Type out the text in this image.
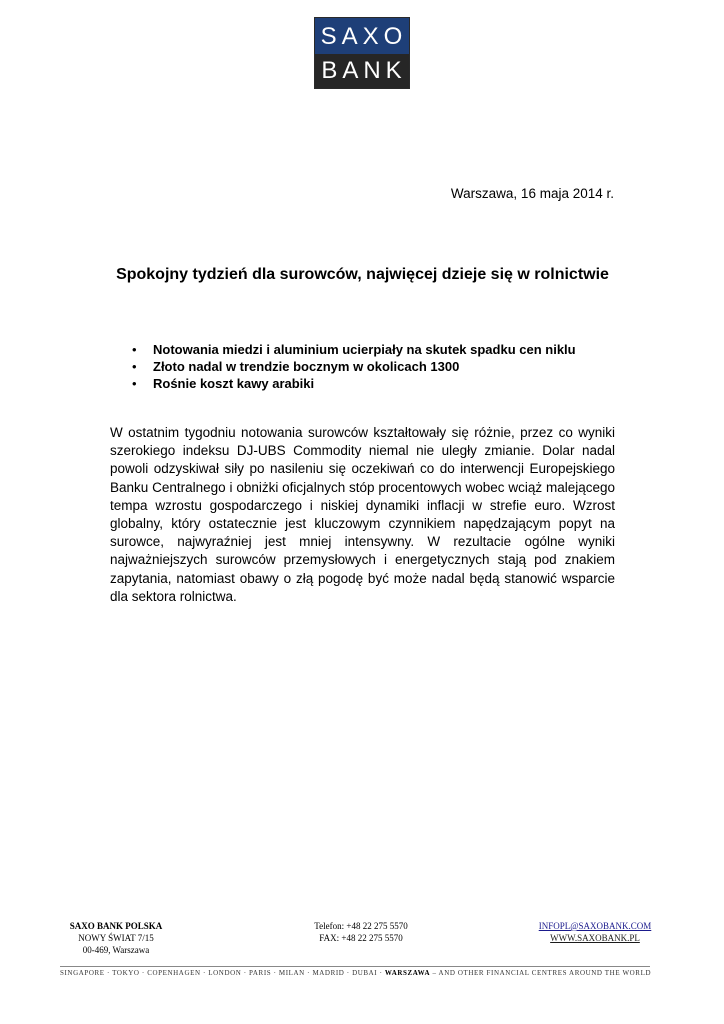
SAXO
BANK
Warszawa, 16 maja 2014 r.
Spokojny tydzień dla surowców, najwięcej dzieje się w rolnictwie
• Notowania miedzi i aluminium ucierpiały na skutek spadku cen niklu
• Złoto nadal w trendzie bocznym w okolicach 1300
• Rośnie koszt kawy arabiki
W ostatnim tygodniu notowania surowców kształtowały się różnie, przez co wyniki szerokiego indeksu DJ-UBS Commodity niemal nie uległy zmianie. Dolar nadal powoli odzyskiwał siły po nasileniu się oczekiwań co do interwencji Europejskiego Banku Centralnego i obniżki oficjalnych stóp procentowych wobec wciąż malejącego tempa wzrostu gospodarczego i niskiej dynamiki inflacji w strefie euro. Wzrost globalny, który ostatecznie jest kluczowym czynnikiem napędzającym popyt na surowce, najwyraźniej jest mniej intensywny. W rezultacie ogólne wyniki najważniejszych surowców przemysłowych i energetycznych stają pod znakiem zapytania, natomiast obawy o złą pogodę być może nadal będą stanowić wsparcie dla sektora rolnictwa.
SAXO BANK POLSKA
NOWY ŚWIAT 7/15
00-469, Warszawa
Telefon: +48 22 275 5570
FAX: +48 22 275 5570
INFOPL@SAXOBANK.COM
WWW.SAXOBANK.PL
SINGAPORE · TOKYO · COPENHAGEN · LONDON · PARIS · MILAN · MADRID · DUBAI · WARSZAWA – AND OTHER FINANCIAL CENTRES AROUND THE WORLD
